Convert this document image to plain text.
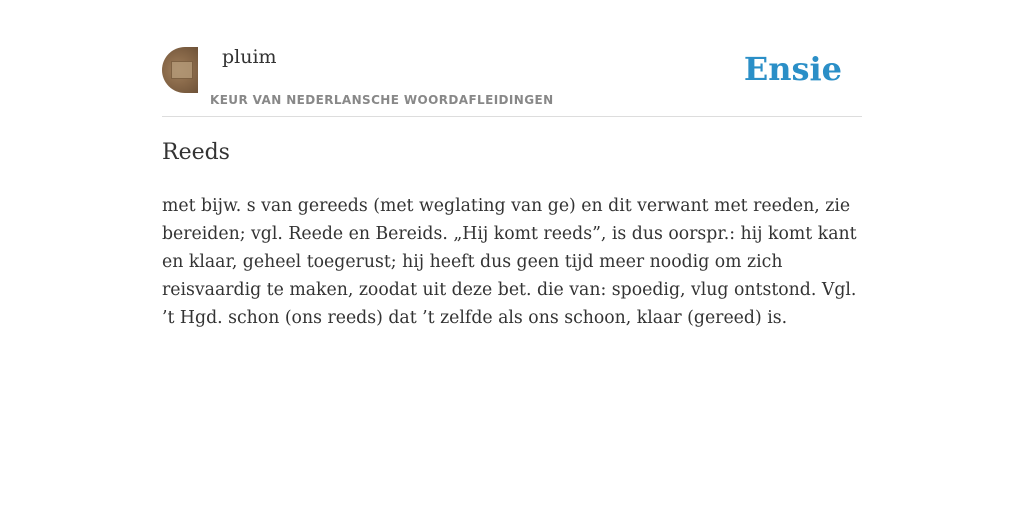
pluim

KEUR VAN NEDERLANSCHE WOORDAFLEIDINGEN
Ensie
Reeds

met bijw. s van gereeds (met weglating van ge) en dit verwant met reeden, zie bereiden; vgl. Reede en Bereids. „Hij komt reeds”, is dus oorspr.: hij komt kant en klaar, geheel toegerust; hij heeft dus geen tijd meer noodig om zich reisvaardig te maken, zoodat uit deze bet. die van: spoedig, vlug ontstond. Vgl. ’t Hgd. schon (ons reeds) dat ’t zelfde als ons schoon, klaar (gereed) is.
